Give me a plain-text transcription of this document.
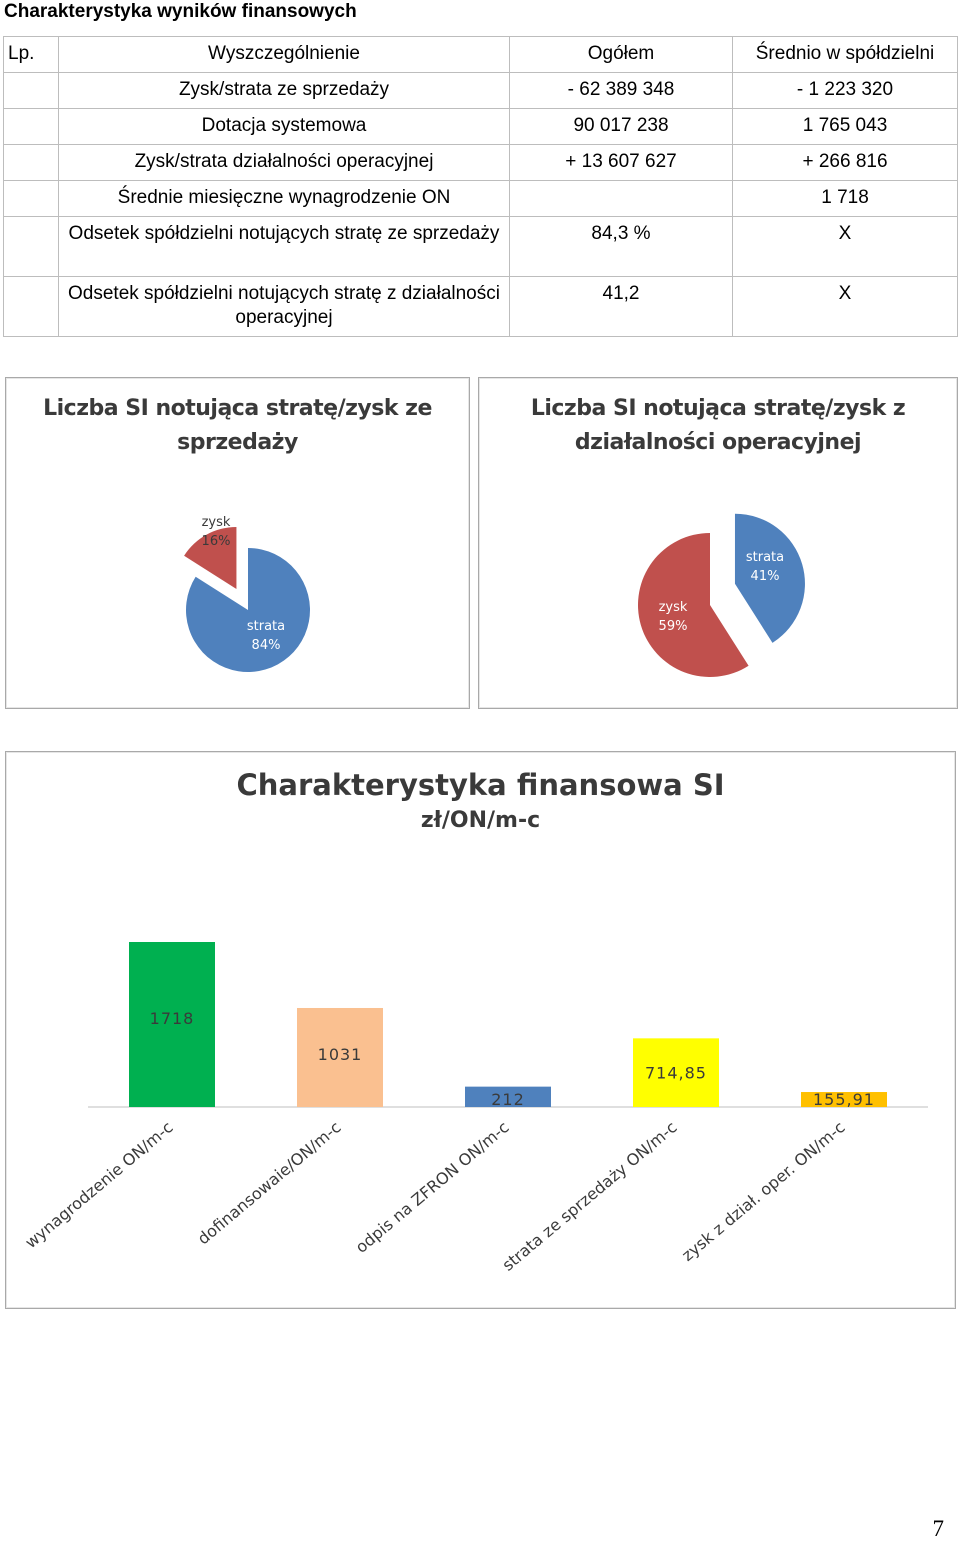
Charakterystyka wyników finansowych
Lp.	Wyszczególnienie	Ogółem	Średnio w spółdzielni
	Zysk/strata ze sprzedaży	- 62 389 348	- 1 223 320
	Dotacja systemowa	90 017 238	1 765 043
	Zysk/strata działalności operacyjnej	+ 13 607 627	+ 266 816
	Średnie miesięczne wynagrodzenie ON		1 718
	Odsetek spółdzielni notujących stratę ze sprzedaży	84,3 %	X
	Odsetek spółdzielni notujących stratę z działalności operacyjnej	41,2	X
Liczba SI notująca stratę/zysk ze
sprzedaży
zysk
16%
strata
84%
Liczba SI notująca stratę/zysk z
działalności operacyjnej
strata
41%
zysk
59%
Charakterystyka finansowa SI
zł/ON/m-c
1718
wynagrodzenie ON/m-c
1031
dofinansowaie/ON/m-c
212
odpis na ZFRON ON/m-c
714,85
strata ze sprzedaży ON/m-c
155,91
zysk z dział. oper. ON/m-c
7
